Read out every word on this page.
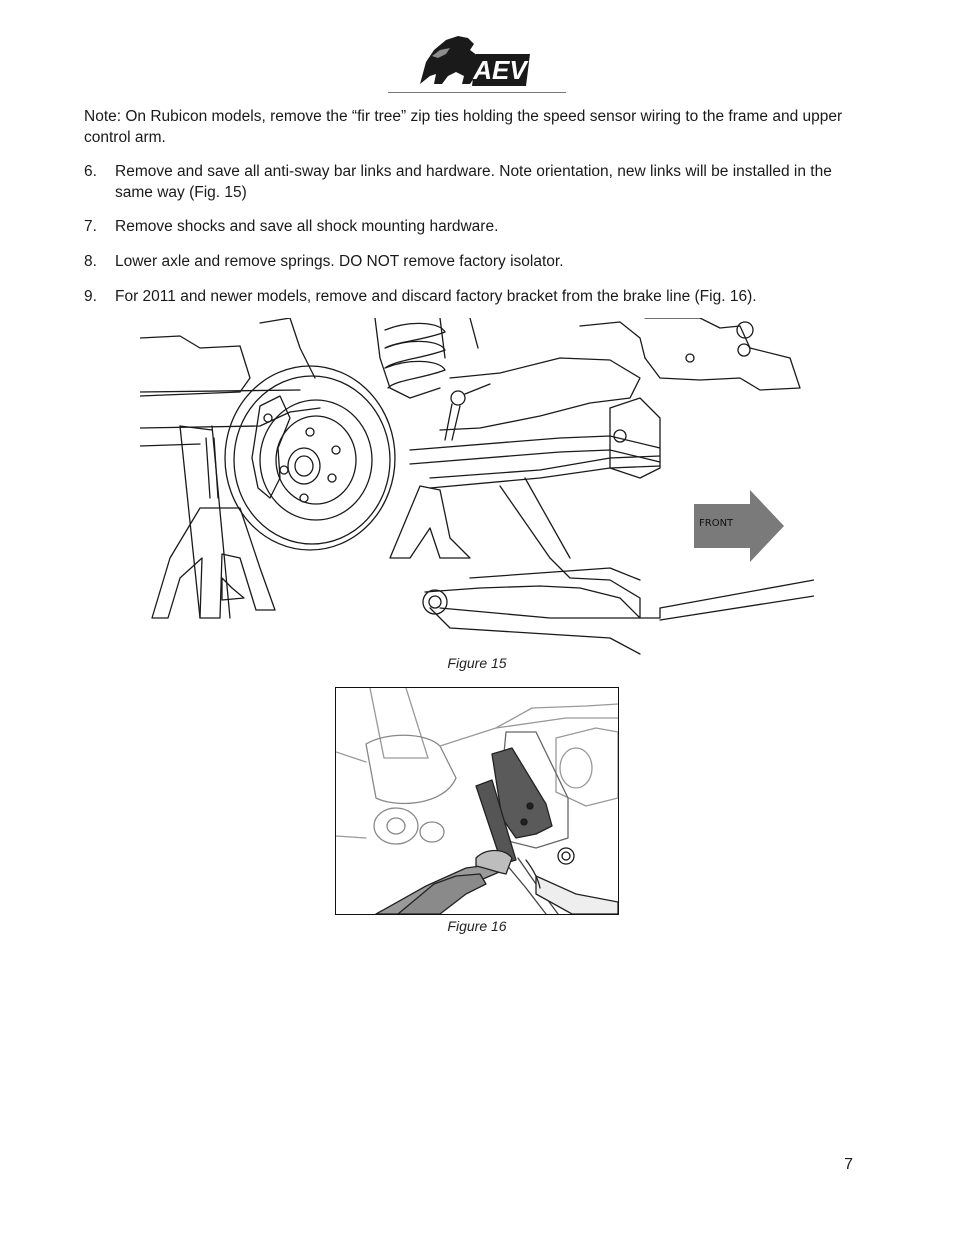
AEV
Note: On Rubicon models, remove the “fir tree” zip ties holding the speed sensor wiring to the frame and upper control arm.
6.	Remove and save all anti-sway bar links and hardware. Note orientation, new links will be installed in the same way (Fig. 15)
7.	Remove shocks and save all shock mounting hardware.
8.	Lower axle and remove springs. DO NOT remove factory isolator.
9.	For 2011 and newer models, remove and discard factory bracket from the brake line (Fig. 16).
FRONT
Figure 15
Figure 16
7
